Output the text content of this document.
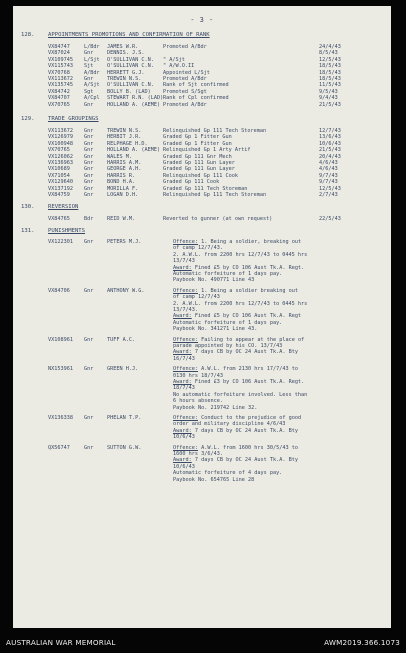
- 3 -
128. APPOINTMENTS PROMOTIONS AND CONFIRMATION OF RANK
VX84747	L/Bdr JAMES W.R.	Promoted A/Bdr	24/4/43
VX87024	Gnr	DENNIS. J.S.	8/5/43
VX109745 L/Sjt O'SULLIVAN C.N. " A/Sjt	12/5/43
VX115743 Sjt	O'SULLIVAN C.N. " A/W.O.II	18/5/43
VX70768	A/Bdr HERRETT G.J.	Appointed L/Sjt	18/5/43
VX113672 Gnr	TREWIN N.S.	Promoted A/Bdr	18/5/43
VX135745 A/Sjt O'SULLIVAN C.N. Rank of Sjt confirmed	11/5/43
VX84742	Sgt	BOLLY B. (LAD) Promoted S/Sgt	9/5/43
VX84707	A/Cpl STEWART R.N. (LAD) Rank of Cpl confirmed	9/4/43
VX70765	Gnr	HOLLAND A. (AEME) Promoted A/Bdr	21/5/43
129. TRADE GROUPINGS
VX113672 Gnr	TREWIN N.S.	Relinquished Gp 111 Tech Storeman	12/7/43
VX126979 Gnr	HERBIT J.R.	Graded Gp 1 Fitter Gun	13/6/43
VX100948 Gnr	RELPHAGE H.D.	Graded Gp 1 Fitter Gun	10/6/43
VX70765	Gnr	HOLLAND A. (AEME) Relinquished Gp 1 Arty Artif	21/5/43
VX126062 Gnr	WALES M.	Graded Gp 111 Gnr Mech	20/4/43
VX136963 Gnr	HARRIS A.M.	Graded Gp 111 Gun Layer	4/6/43
VX10689	Gnr	GEORGE A.H.	Graded Gp 111 Gun Layer	4/6/43
VX71054	Gnr	HARRIS R.	Relinquished Gp 111 Cook	9/7/43
VX129640 Gnr	BOND H.A.	Graded Gp 111 Cook	9/7/43
VX137192 Gnr	MORILLA F.	Graded Gp 111 Tech Storeman	12/5/43
VX84759	Gnr	LOGAN D.H.	Relinquished Gp 111 Tech Storeman	2/7/43
130. REVERSION
VX84765	Bdr	REID W.M.	Reverted to gunner (at own request)	22/5/43
131. PUNISHMENTS
VX122301 Gnr	PETERS M.J.	Offence: 1. Being a soldier, breaking out
of camp 12/7/43.
2. A.W.L. from 2200 hrs 12/7/43 to 0445 hrs
13/7/43
Award: Fined £5 by CO 106 Aust Tk.A. Regt.
Automatic forfeiture of 1 days pay.
Paybook No. 490771 Line 43
VX84706	Gnr	ANTHONY W.G.	Offence: 1. Being a soldier breaking out
of camp 12/7/43
2. A.W.L. from 2200 hrs 12/7/43 to 0445 hrs
13/7/43.
Award: Fined £5 by CO 106 Aust Tk.A. Regt
Automatic forfeiture of 1 days pay.
Paybook No. 341271 Line 43.
VX108961 Gnr	TUFF A.C.	Offence: Failing to appear at the place of
parade appointed by his CO. 13/7/43
Award: 7 days CB by OC 24 Aust Tk.A. Bty
16/7/43
NX153961 Gnr	GREEN H.J.	Offence: A.W.L. from 2130 hrs 17/7/43 to
0130 hrs 18/7/43
Award: Fined £3 by CO 106 Aust Tk.A. Regt.
18/7/43
No automatic forfeiture involved. Less than
6 hours absence.
Paybook No. 219742 Line 32.
VX136338 Gnr	PHELAN T.P.	Offence: Conduct to the prejudice of good
order and military discipline 4/6/43
Award: 7 days CB by OC 24 Aust Tk.A. Bty
10/6/43
QX56747	Gnr	SUTTON G.W.	Offence: A.W.L. from 1600 hrs 30/5/43 to
1600 hrs 3/6/43.
Award: 7 days CB by OC 24 Aust Tk.A. Bty
10/6/43
Automatic forfeiture of 4 days pay.
Paybook No. 654765 Line 28
AUSTRALIAN WAR MEMORIAL	AWM2019.366.1073
